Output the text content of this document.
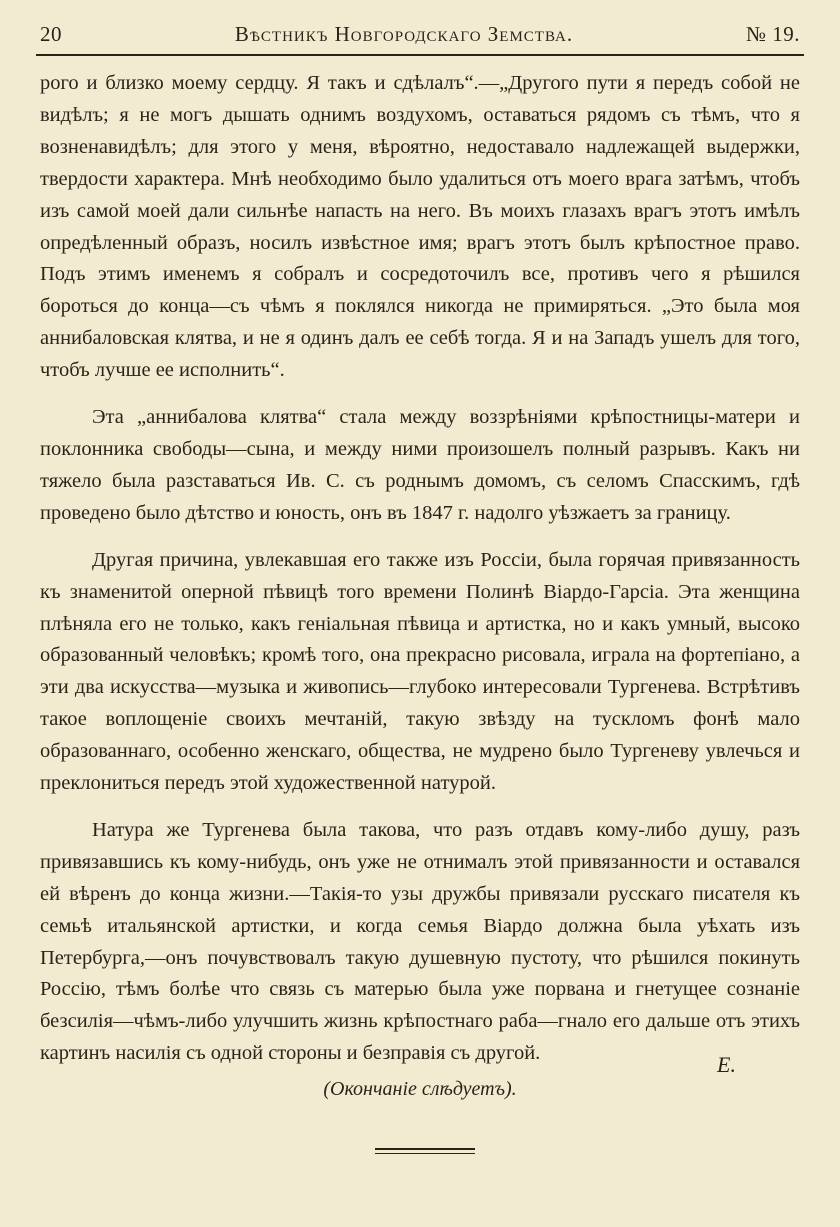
20	Вѣстникъ Новгородскаго Земства.	№ 19.

рого и близко моему сердцу. Я такъ и сдѣлалъ“.—„Другого пути я передъ собой не видѣлъ; я не могъ дышать однимъ воздухомъ, оставаться рядомъ съ тѣмъ, что я возненавидѣлъ; для этого у меня, вѣроятно, недоставало надлежащей выдержки, твердости характера. Мнѣ необходимо было удалиться отъ моего врага затѣмъ, чтобъ изъ самой моей дали сильнѣе напасть на него. Въ моихъ глазахъ врагъ этотъ имѣлъ опредѣленный образъ, носилъ извѣстное имя; врагъ этотъ былъ крѣпостное право. Подъ этимъ именемъ я собралъ и сосредоточилъ все, противъ чего я рѣшился бороться до конца—съ чѣмъ я поклялся никогда не примиряться. „Это была моя аннибаловская клятва, и не я одинъ далъ ее себѣ тогда. Я и на Западъ ушелъ для того, чтобъ лучше ее исполнить“.

Эта „аннибалова клятва“ стала между воззрѣніями крѣпостницы-матери и поклонника свободы—сына, и между ними произошелъ полный разрывъ. Какъ ни тяжело была разставаться Ив. С. съ роднымъ домомъ, съ селомъ Спасскимъ, гдѣ проведено было дѣтство и юность, онъ въ 1847 г. надолго уѣзжаетъ за границу.

Другая причина, увлекавшая его также изъ Россіи, была горячая привязанность къ знаменитой оперной пѣвицѣ того времени Полинѣ Віардо-Гарсіа. Эта женщина плѣняла его не только, какъ геніальная пѣвица и артистка, но и какъ умный, высоко образованный человѣкъ; кромѣ того, она прекрасно рисовала, играла на фортепіано, а эти два искусства—музыка и живопись—глубоко интересовали Тургенева. Встрѣтивъ такое воплощеніе своихъ мечтаній, такую звѣзду на тускломъ фонѣ мало образованнаго, особенно женскаго, общества, не мудрено было Тургеневу увлечься и преклониться передъ этой художественной натурой.

Натура же Тургенева была такова, что разъ отдавъ кому-либо душу, разъ привязавшись къ кому-нибудь, онъ уже не отнималъ этой привязанности и оставался ей вѣренъ до конца жизни.—Такія-то узы дружбы привязали русскаго писателя къ семьѣ итальянской артистки, и когда семья Віардо должна была уѣхать изъ Петербурга,—онъ почувствовалъ такую душевную пустоту, что рѣшился покинуть Россію, тѣмъ болѣе что связь съ матерью была уже порвана и гнетущее сознаніе безсилія—чѣмъ-либо улучшить жизнь крѣпостнаго раба—гнало его дальше отъ этихъ картинъ насилія съ одной стороны и безправія съ другой.	Е.
(Окончаніе слѣдуетъ).
